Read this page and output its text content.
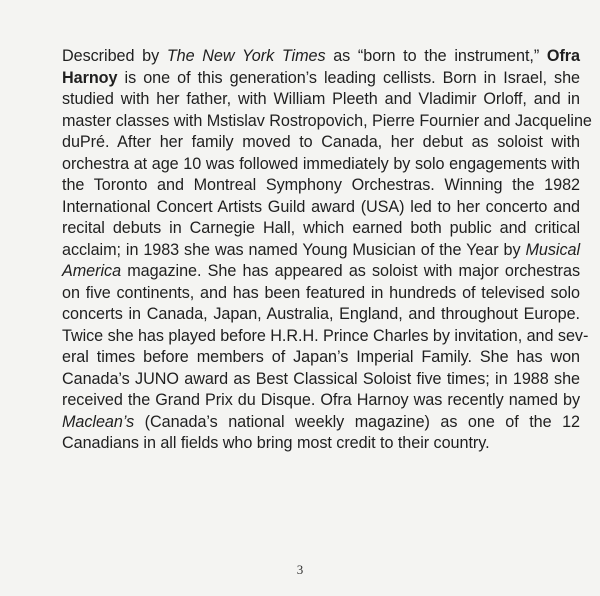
Described by The New York Times as “born to the instrument,” Ofra
Harnoy is one of this generation’s leading cellists. Born in Israel, she
studied with her father, with William Pleeth and Vladimir Orloff, and in
master classes with Mstislav Rostropovich, Pierre Fournier and Jacqueline
duPré. After her family moved to Canada, her debut as soloist with
orchestra at age 10 was followed immediately by solo engagements with
the Toronto and Montreal Symphony Orchestras. Winning the 1982
International Concert Artists Guild award (USA) led to her concerto and
recital debuts in Carnegie Hall, which earned both public and critical
acclaim; in 1983 she was named Young Musician of the Year by Musical
America magazine. She has appeared as soloist with major orchestras
on five continents, and has been featured in hundreds of televised solo
concerts in Canada, Japan, Australia, England, and throughout Europe.
Twice she has played before H.R.H. Prince Charles by invitation, and sev-
eral times before members of Japan’s Imperial Family. She has won
Canada’s JUNO award as Best Classical Soloist five times; in 1988 she
received the Grand Prix du Disque. Ofra Harnoy was recently named by
Maclean’s (Canada’s national weekly magazine) as one of the 12
Canadians in all fields who bring most credit to their country.

3
